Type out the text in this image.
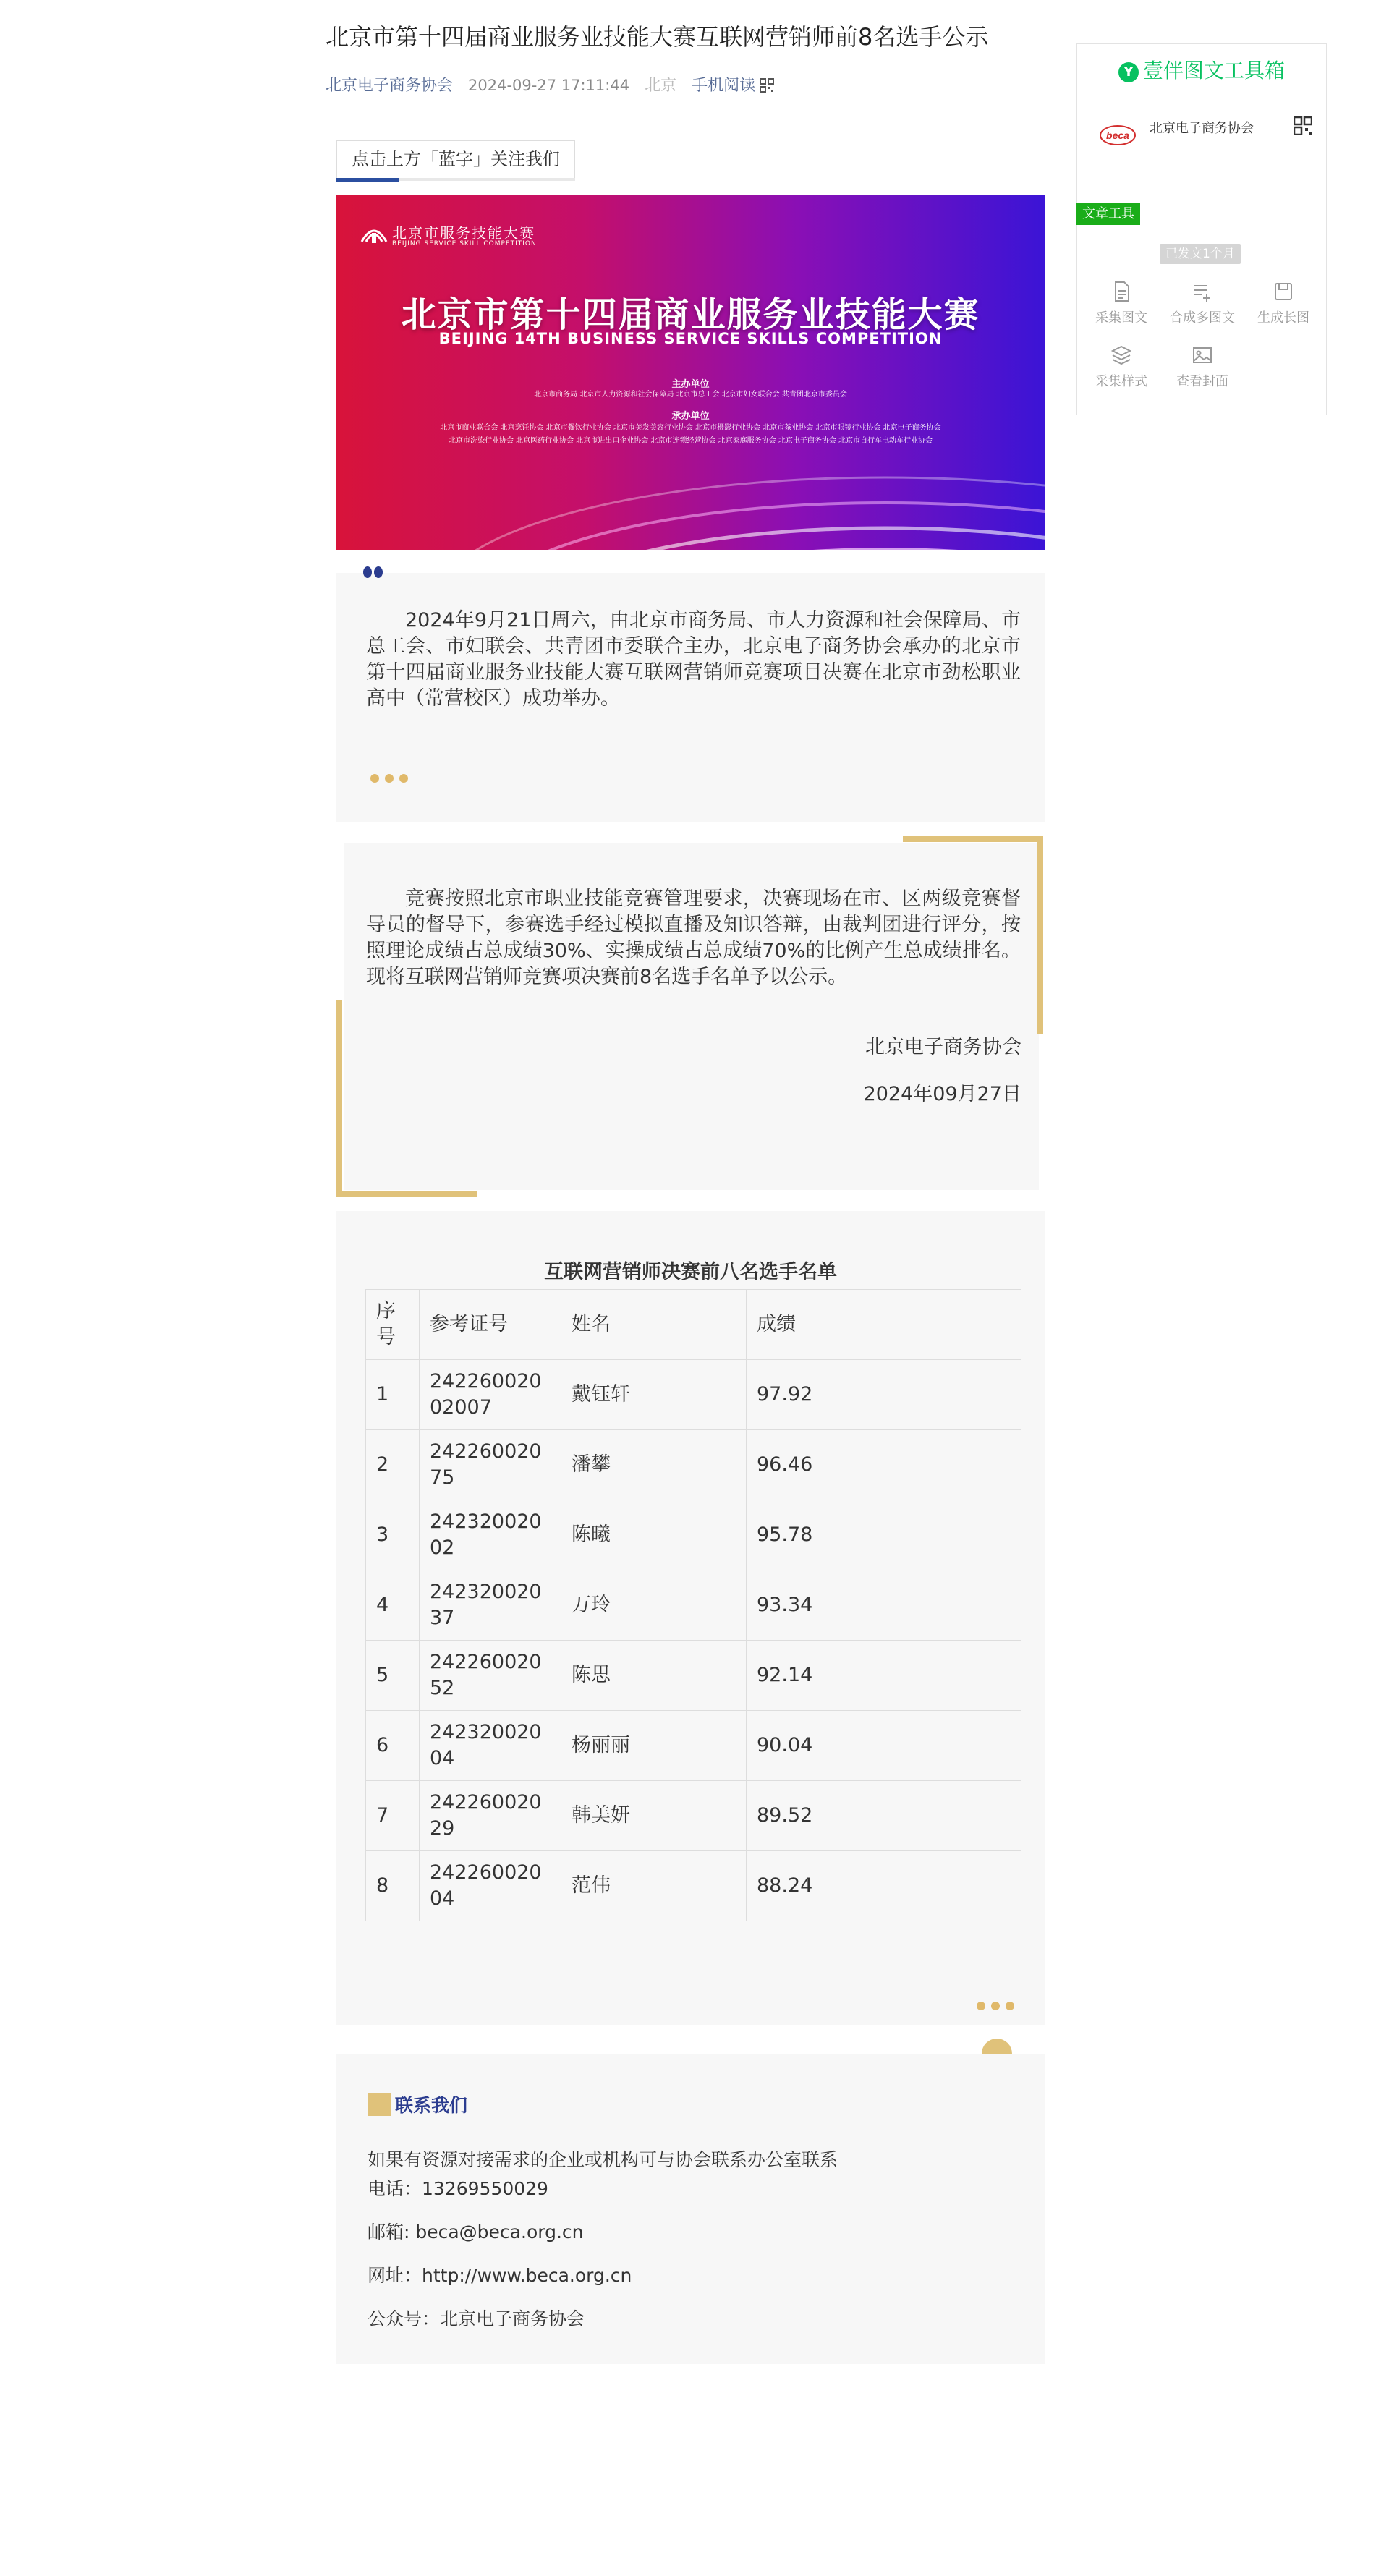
北京市第十四届商业服务业技能大赛互联网营销师前8名选手公示
北京电子商务协会 2024-09-27 17:11:44 北京 手机阅读
点击上方「蓝字」关注我们
北京市服务技能大赛
BEIJING SERVICE SKILL COMPETITION
北京市第十四届商业服务业技能大赛
BEIJING 14TH BUSINESS SERVICE SKILLS COMPETITION
主办单位
北京市商务局 北京市人力资源和社会保障局 北京市总工会 北京市妇女联合会 共青团北京市委员会
承办单位
北京市商业联合会 北京烹饪协会 北京市餐饮行业协会 北京市美发美容行业协会 北京市摄影行业协会 北京市茶业协会 北京市眼镜行业协会 北京电子商务协会
北京市洗染行业协会 北京医药行业协会 北京市进出口企业协会 北京市连锁经营协会 北京家庭服务协会 北京电子商务协会 北京市自行车电动车行业协会
2024年9月21日周六，由北京市商务局、市人力资源和社会保障局、市总工会、市妇联会、共青团市委联合主办，北京电子商务协会承办的北京市第十四届商业服务业技能大赛互联网营销师竞赛项目决赛在北京市劲松职业高中（常营校区）成功举办。
竞赛按照北京市职业技能竞赛管理要求，决赛现场在市、区两级竞赛督导员的督导下，参赛选手经过模拟直播及知识答辩，由裁判团进行评分，按照理论成绩占总成绩30%、实操成绩占总成绩70%的比例产生总成绩排名。现将互联网营销师竞赛项决赛前8名选手名单予以公示。
北京电子商务协会
2024年09月27日
互联网营销师决赛前八名选手名单
序号	参考证号	姓名	成绩
1	24226002002007	戴钰轩	97.92
2	24226002075	潘攀	96.46
3	24232002002	陈曦	95.78
4	24232002037	万玲	93.34
5	24226002052	陈思	92.14
6	24232002004	杨丽丽	90.04
7	24226002029	韩美妍	89.52
8	24226002004	范伟	88.24
联系我们
如果有资源对接需求的企业或机构可与协会联系办公室联系
电话：13269550029
邮箱: beca@beca.org.cn
网址：http://www.beca.org.cn
公众号：北京电子商务协会
Y 壹伴图文工具箱
beca 北京电子商务协会
已发文1个月
采集图文	合成多图文	生成长图
采集样式	查看封面
文章工具
